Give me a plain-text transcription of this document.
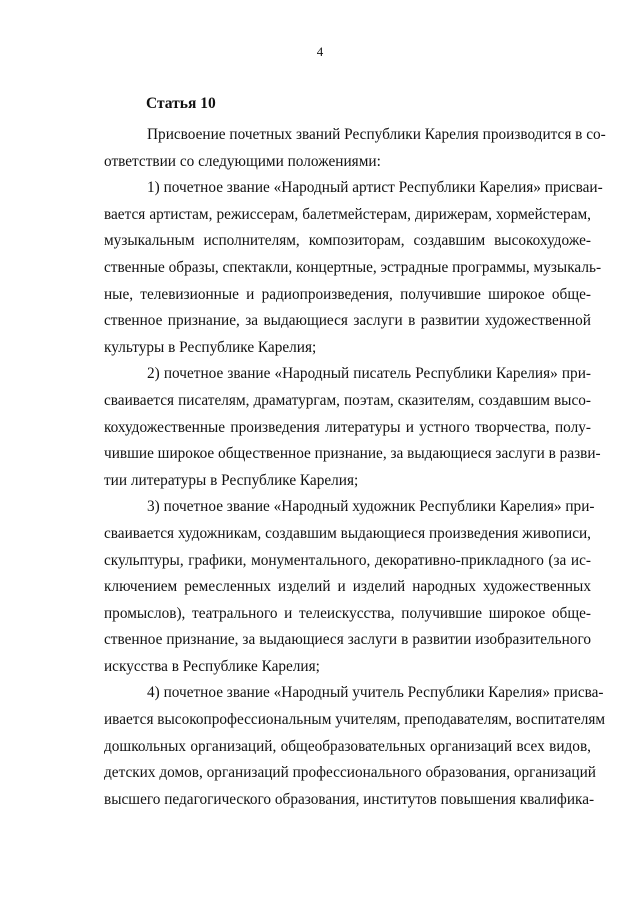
4
Статья 10
Присвоение почетных званий Республики Карелия производится в со-
ответствии со следующими положениями:
1) почетное звание «Народный артист Республики Карелия» присваи-
вается артистам, режиссерам, балетмейстерам, дирижерам, хормейстерам,
музыкальным исполнителям, композиторам, создавшим высокохудоже-
ственные образы, спектакли, концертные, эстрадные программы, музыкаль-
ные, телевизионные и радиопроизведения, получившие широкое обще-
ственное признание, за выдающиеся заслуги в развитии художественной
культуры в Республике Карелия;
2) почетное звание «Народный писатель Республики Карелия» при-
сваивается писателям, драматургам, поэтам, сказителям, создавшим высо-
кохудожественные произведения литературы и устного творчества, полу-
чившие широкое общественное признание, за выдающиеся заслуги в разви-
тии литературы в Республике Карелия;
3) почетное звание «Народный художник Республики Карелия» при-
сваивается художникам, создавшим выдающиеся произведения живописи,
скульптуры, графики, монументального, декоративно-прикладного (за ис-
ключением ремесленных изделий и изделий народных художественных
промыслов), театрального и телеискусства, получившие широкое обще-
ственное признание, за выдающиеся заслуги в развитии изобразительного
искусства в Республике Карелия;
4) почетное звание «Народный учитель Республики Карелия» присва-
ивается высокопрофессиональным учителям, преподавателям, воспитателям
дошкольных организаций, общеобразовательных организаций всех видов,
детских домов, организаций профессионального образования, организаций
высшего педагогического образования, институтов повышения квалифика-
